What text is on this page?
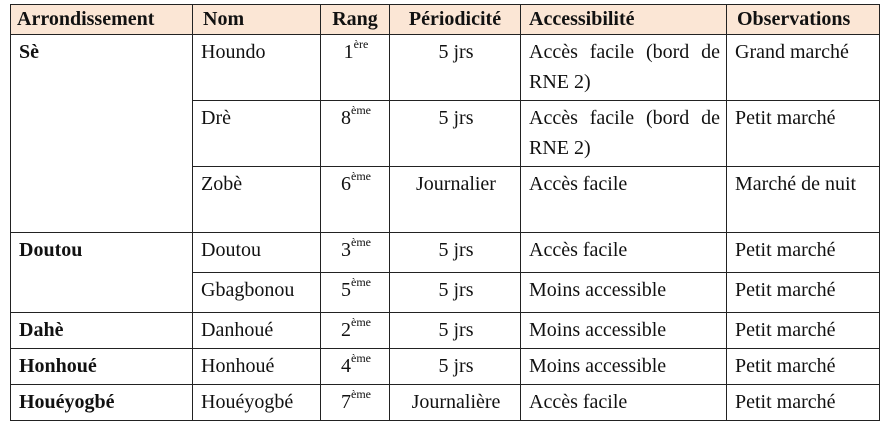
Arrondissement	Nom	Rang	Périodicité	Accessibilité	Observations
Sè	Houndo	1ère	5 jrs	Accès facile (bord de RNE 2)	Grand marché
	Drè	8ème	5 jrs	Accès facile (bord de RNE 2)	Petit marché
	Zobè	6ème	Journalier	Accès facile	Marché de nuit
Doutou	Doutou	3ème	5 jrs	Accès facile	Petit marché
	Gbagbonou	5ème	5 jrs	Moins accessible	Petit marché
Dahè	Danhoué	2ème	5 jrs	Moins accessible	Petit marché
Honhoué	Honhoué	4ème	5 jrs	Moins accessible	Petit marché
Houéyogbé	Houéyogbé	7ème	Journalière	Accès facile	Petit marché
